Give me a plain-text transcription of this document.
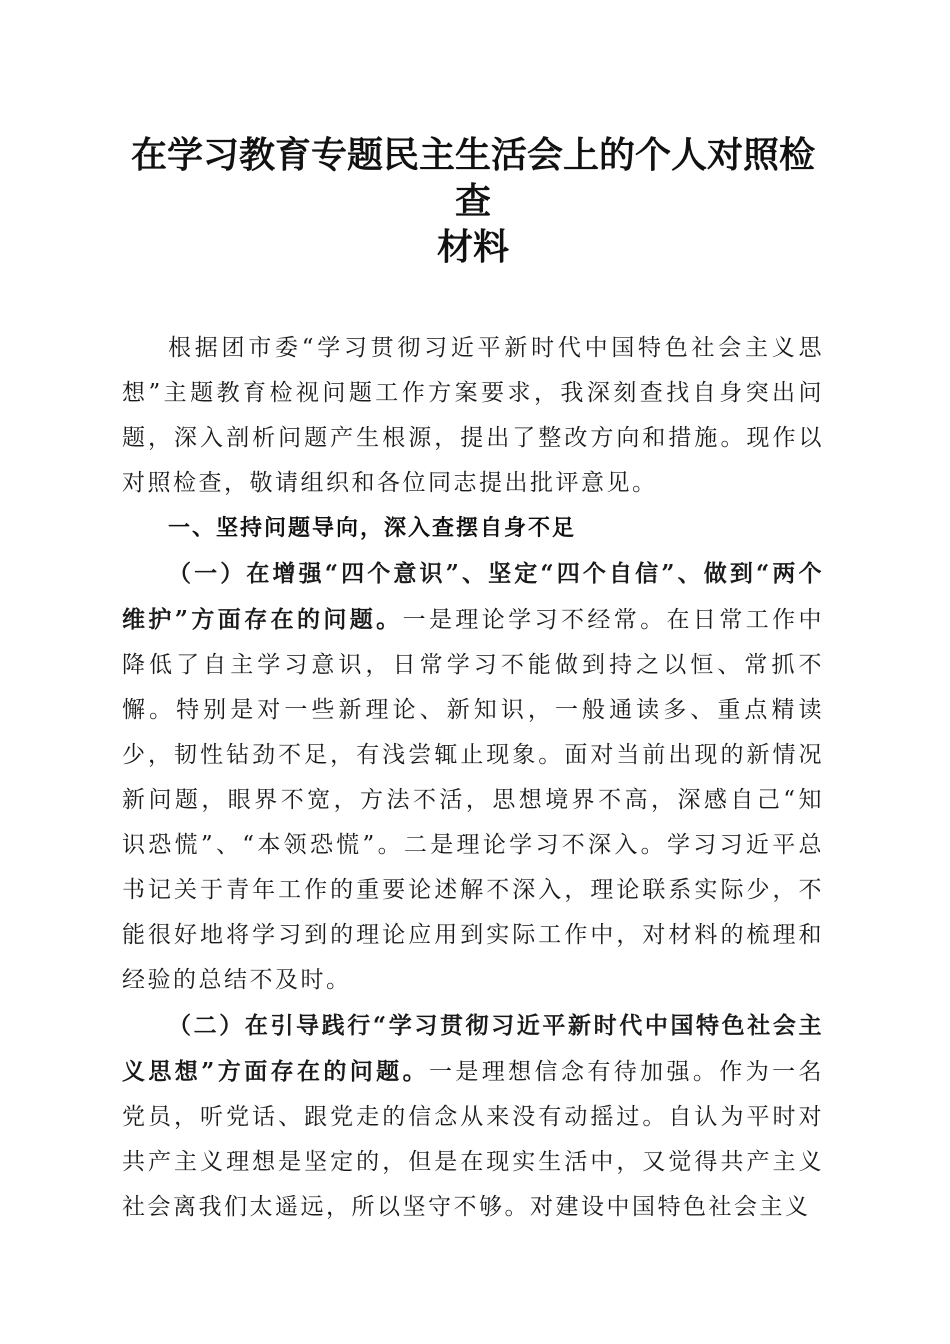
在学习教育专题民主生活会上的个人对照检查
材料

根据团市委“学习贯彻习近平新时代中国特色社会主义思想”主题教育检视问题工作方案要求，我深刻查找自身突出问题，深入剖析问题产生根源，提出了整改方向和措施。现作以对照检查，敬请组织和各位同志提出批评意见。

一、坚持问题导向，深入查摆自身不足

（一）在增强“四个意识”、坚定“四个自信”、做到“两个维护”方面存在的问题。一是理论学习不经常。在日常工作中降低了自主学习意识，日常学习不能做到持之以恒、常抓不懈。特别是对一些新理论、新知识，一般通读多、重点精读少，韧性钻劲不足，有浅尝辄止现象。面对当前出现的新情况新问题，眼界不宽，方法不活，思想境界不高，深感自己“知识恐慌”、“本领恐慌”。二是理论学习不深入。学习习近平总书记关于青年工作的重要论述解不深入，理论联系实际少，不能很好地将学习到的理论应用到实际工作中，对材料的梳理和经验的总结不及时。

（二）在引导践行“学习贯彻习近平新时代中国特色社会主义思想”方面存在的问题。一是理想信念有待加强。作为一名党员，听党话、跟党走的信念从来没有动摇过。自认为平时对共产主义理想是坚定的，但是在现实生活中，又觉得共产主义社会离我们太遥远，所以坚守不够。对建设中国特色社会主义
